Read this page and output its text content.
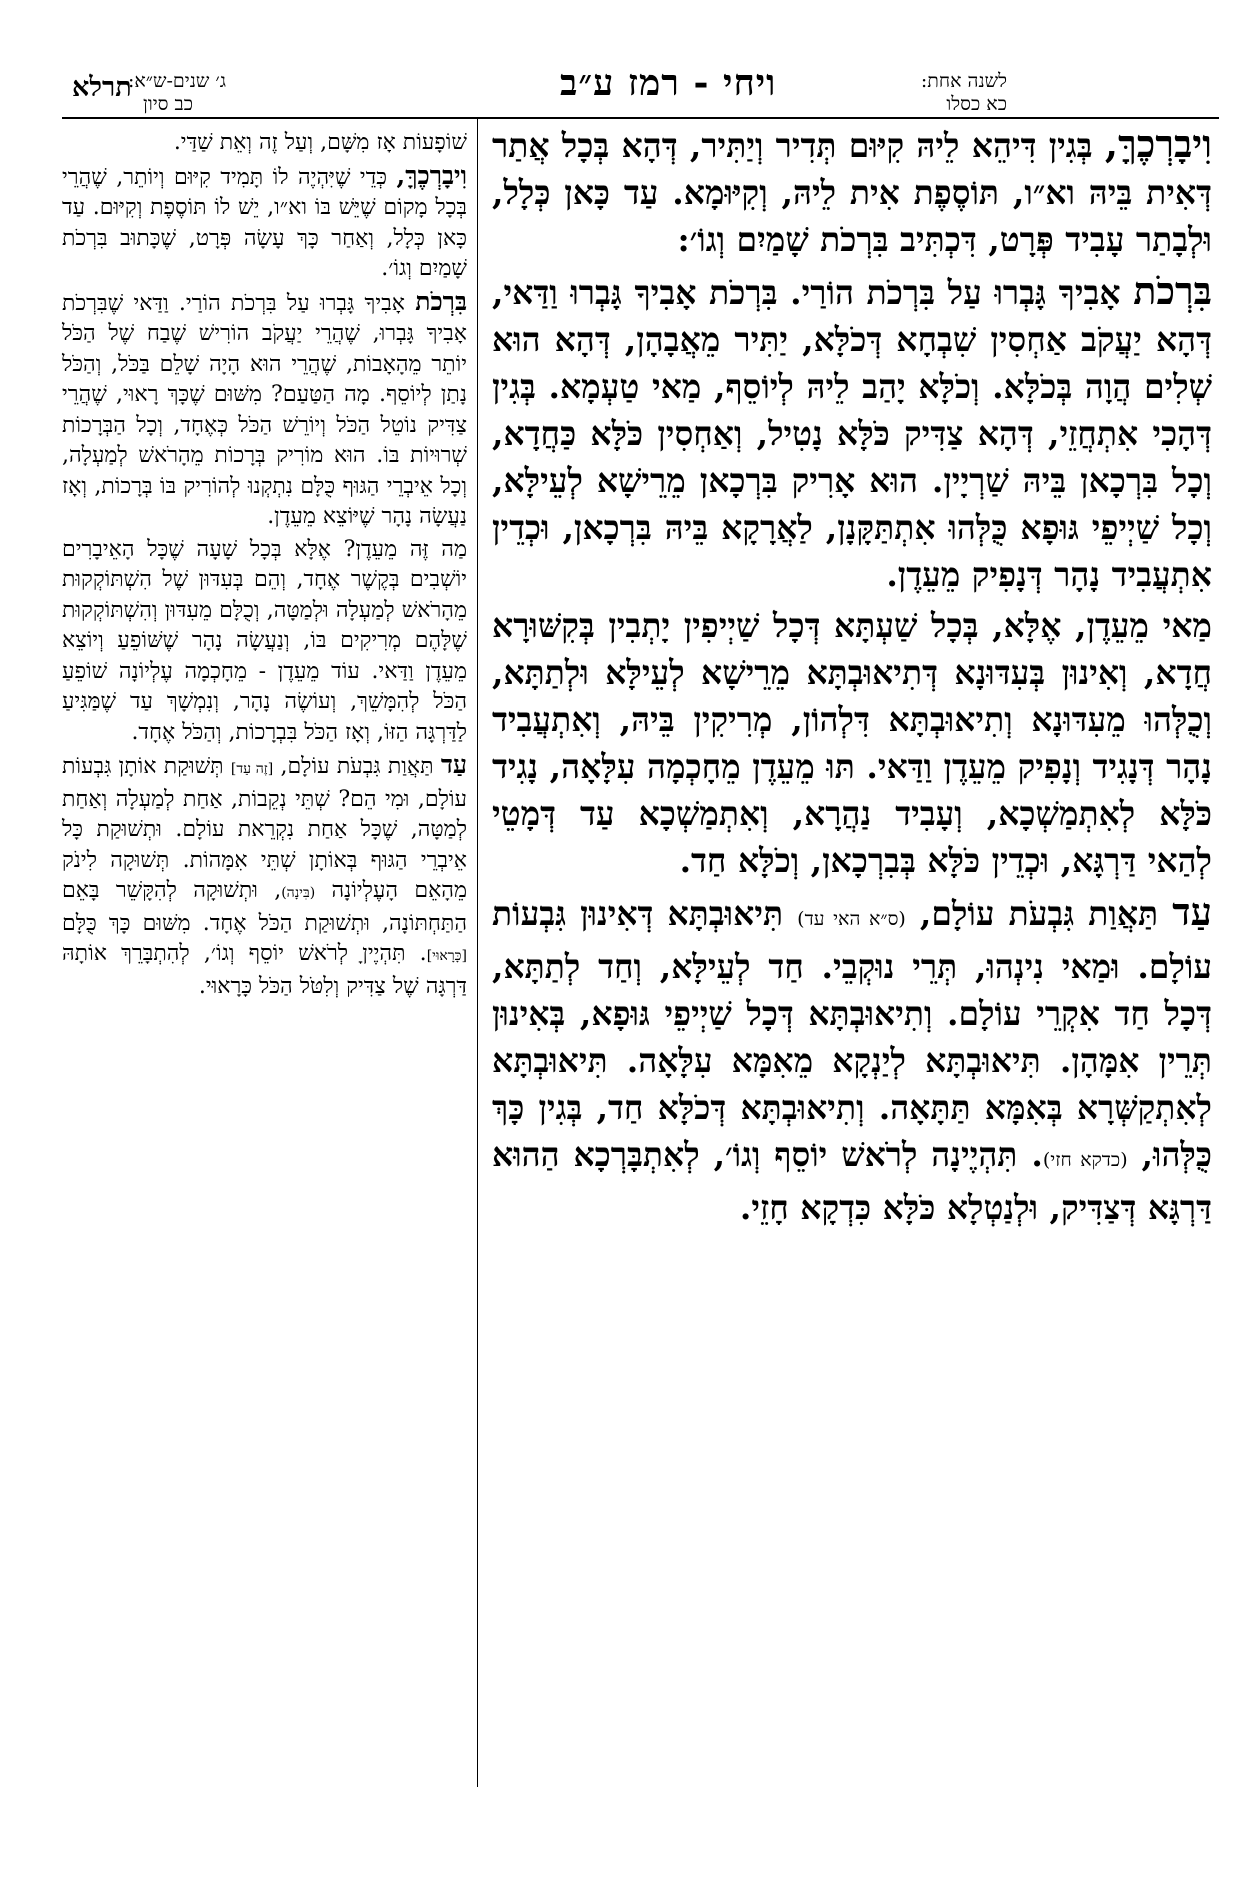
ג׳ שנים-ש״א:
כב סיון
תרלא	ויחי - רמז ע״ב	לשנה אחת:
כא כסלו

וִיבָרְכֶךָּ, בְּגִין דִּיהֵא לֵיהּ קִיּוּם תְּדִיר וְיַתִּיר, דְּהָא בְּכָל אֲתַר דְּאִית בֵּיהּ וא״ו, תּוֹסֶפֶת אִית לֵיהּ, וְקִיּוּמָא. עַד כָּאן כְּלָל, וּלְבָתַר עָבִיד פְּרָט, דִּכְתִּיב בִּרְכֹת שָׁמַיִם וְגוֹ׳:

בִּרְכֹת אָבִיךָ גָּבְרוּ עַל בִּרְכֹת הוֹרַי. בִּרְכֹת אָבִיךָ גָּבְרוּ וַדַּאי, דְּהָא יַעֲקֹב אַחְסִין שִׁבְחָא דְּכֹלָּא, יַתִּיר מֵאֲבָהָן, דְּהָא הוּא שְׁלִים הֲוָה בְּכֹלָּא. וְכֹלָּא יָהַב לֵיהּ לְיוֹסֵף, מַאי טַעְמָא. בְּגִין דְּהָכִי אִתְחֲזֵי, דְּהָא צַדִּיק כֹּלָּא נָטִיל, וְאַחְסִין כֹּלָּא כַּחֲדָא, וְכָל בִּרְכָאן בֵּיהּ שַׁרְיָין. הוּא אָרִיק בִּרְכָאן מֵרֵישָׁא לְעֵילָּא, וְכָל שַׁיְיפֵי גּוּפָא כֻּלְּהוּ אִתְתַּקָּנָן, לַאֲרָקָא בֵּיהּ בִּרְכָאן, וּכְדֵין אִתְעֲבִיד נָהָר דְּנָפִיק מֵעֵדֶן.

מַאי מֵעֵדֶן, אֶלָּא, בְּכָל שַׁעְתָּא דְּכָל שַׁיְיפִין יָתְבִין בְּקִשּׁוּרָא חֲדָא, וְאִינוּן בְּעִדּוּנָא דְּתִיאוּבְתָּא מֵרֵישָׁא לְעֵילָּא וּלְתַתָּא, וְכֻלְּהוּ מֵעִדּוּנָא וְתִיאוּבְתָּא דִּלְהוֹן, מְרִיקִין בֵּיהּ, וְאִתְעֲבִיד נָהָר דְּנָגִיד וְנָפִיק מֵעֵדֶן וַדַּאי. תּוּ מֵעֵדֶן מֵחָכְמָה עִלָּאָה, נָגִיד כֹּלָּא לְאִתְמַשְׁכָא, וְעָבִיד נַהֲרָא, וְאִתְמַשְׁכָא עַד דְּמָטֵי לְהַאי דַּרְגָּא, וּכְדֵין כֹּלָּא בְּבִרְכָאן, וְכֹלָּא חַד.

עַד תַּאֲוַת גִּבְעֹת עוֹלָם, (ס״א האי עד) תִּיאוּבְתָּא דְּאִינוּן גִּבְעוֹת עוֹלָם. וּמַאי נִינְהוּ, תְּרֵי נוּקְבֵי. חַד לְעֵילָּא, וְחַד לְתַתָּא, דְּכָל חַד אִקְרֵי עוֹלָם. וְתִיאוּבְתָּא דְּכָל שַׁיְיפֵי גּוּפָא, בְּאִינוּן תְּרֵין אִמָּהָן. תִּיאוּבְתָּא לְיַנְקָא מֵאִמָּא עִלָּאָה. תִּיאוּבְתָּא לְאִתְקַשְּׁרָא בְּאִמָּא תַּתָּאָה. וְתִיאוּבְתָּא דְּכֹלָּא חַד, בְּגִין כָּךְ כֻּלְּהוּ, (כדקא חזי). תִּהְיֶינָה לְרֹאשׁ יוֹסֵף וְגוֹ׳, לְאִתְבָּרְכָא הַהוּא דַּרְגָּא דְּצַדִּיק, וּלְנַטְלָא כֹּלָּא כִּדְקָא חָזֵי.

שׁוֹפָעוֹת אָז מִשָּׁם, וְעַל זֶה וְאֵת שַׁדַּי.

וִיבָרְכֶךָּ, כְּדֵי שֶׁיִּהְיֶה לוֹ תָּמִיד קִיּוּם וְיוֹתֵר, שֶׁהֲרֵי בְּכָל מָקוֹם שֶׁיֵּשׁ בּוֹ וא״ו, יֵשׁ לוֹ תּוֹסֶפֶת וְקִיּוּם. עַד כָּאן כְּלָל, וְאַחַר כָּךְ עָשָׂה פְּרָט, שֶׁכָּתוּב בִּרְכֹת שָׁמַיִם וְגוֹ׳.

בִּרְכֹת אָבִיךָ גָּבְרוּ עַל בִּרְכֹת הוֹרַי. וַדַּאי שֶׁבִּרְכֹת אָבִיךָ גָּבְרוּ, שֶׁהֲרֵי יַעֲקֹב הוֹרִישׁ שֶׁבַח שֶׁל הַכֹּל יוֹתֵר מֵהָאָבוֹת, שֶׁהֲרֵי הוּא הָיָה שָׁלֵם בַּכֹּל, וְהַכֹּל נָתַן לְיוֹסֵף. מָה הַטַּעַם? מִשּׁוּם שֶׁכָּךְ רָאוּי, שֶׁהֲרֵי צַדִּיק נוֹטֵל הַכֹּל וְיוֹרֵשׁ הַכֹּל כְּאֶחָד, וְכָל הַבְּרָכוֹת שְׁרוּיוֹת בּוֹ. הוּא מוֹרִיק בְּרָכוֹת מֵהָרֹאשׁ לְמַעְלָה, וְכָל אֵיבְרֵי הַגּוּף כֻּלָּם נִתְקְנוּ לְהוֹרִיק בּוֹ בְּרָכוֹת, וְאָז נַעֲשָׂה נָהָר שֶׁיּוֹצֵא מֵעֵדֶן.

מַה זֶּה מֵעֵדֶן? אֶלָּא בְּכָל שָׁעָה שֶׁכָּל הָאֵיבָרִים יוֹשְׁבִים בְּקֶשֶׁר אֶחָד, וְהֵם בְּעִדּוּן שֶׁל הִשְׁתּוֹקְקוּת מֵהָרֹאשׁ לְמַעְלָה וּלְמַטָּה, וְכֻלָּם מֵעִדּוּן וְהִשְׁתּוֹקְקוּת שֶׁלָּהֶם מְרִיקִים בּוֹ, וְנַעֲשָׂה נָהָר שֶׁשּׁוֹפֵעַ וְיוֹצֵא מֵעֵדֶן וַדַּאי. עוֹד מֵעֵדֶן - מֵחָכְמָה עֶלְיוֹנָה שׁוֹפֵעַ הַכֹּל לְהִמָּשֵׁךְ, וְעוֹשֶׂה נָהָר, וְנִמְשָׁךְ עַד שֶׁמַּגִּיעַ לַדַּרְגָּה הַזּוֹ, וְאָז הַכֹּל בִּבְרָכוֹת, וְהַכֹּל אֶחָד.

עַד תַּאֲוַת גִּבְעֹת עוֹלָם, [זֶה עַד] תְּשׁוּקַת אוֹתָן גִּבְעוֹת עוֹלָם, וּמִי הֵם? שְׁתֵּי נְקֵבוֹת, אַחַת לְמַעְלָה וְאַחַת לְמַטָּה, שֶׁכָּל אַחַת נִקְרֵאת עוֹלָם. וּתְשׁוּקַת כָּל אֵיבְרֵי הַגּוּף בְּאוֹתָן שְׁתֵּי אִמָּהוֹת. תְּשׁוּקָה לִינֹק מֵהָאֵם הָעֶלְיוֹנָה (בִּינָה), וּתְשׁוּקָה לְהִקָּשֵׁר בָּאֵם הַתַּחְתּוֹנָה, וּתְשׁוּקַת הַכֹּל אֶחָד. מִשּׁוּם כָּךְ כֻּלָּם [כָּרָאוּי]. תִּהְיֶיןָ לְרֹאשׁ יוֹסֵף וְגוֹ׳, לְהִתְבָּרֵךְ אוֹתָהּ דַּרְגָּה שֶׁל צַדִּיק וְלִטֹּל הַכֹּל כָּרָאוּי.
